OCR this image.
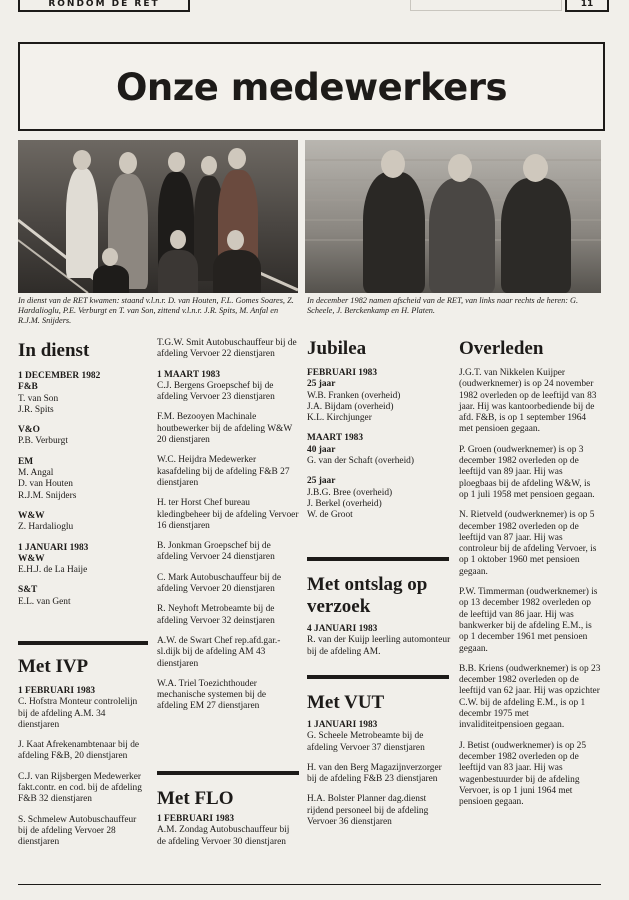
RONDOM DE RET	11
Onze medewerkers
In dienst van de RET kwamen: staand v.l.n.r. D. van Houten, F.L. Gomes Soares, Z. Hardalioglu, P.E. Verburgt en T. van Son, zittend v.l.n.r. J.R. Spits, M. Anfal en R.J.M. Snijders.
In december 1982 namen afscheid van de RET, van links naar rechts de heren: G. Scheele, J. Berckenkamp en H. Platen.
In dienst
1 DECEMBER 1982
F&B
T. van Son
J.R. Spits
V&O
P.B. Verburgt
EM
M. Angal
D. van Houten
R.J.M. Snijders
W&W
Z. Hardalioglu
1 JANUARI 1983
W&W
E.H.J. de La Haije
S&T
E.L. van Gent
Met IVP
1 FEBRUARI 1983

C. Hofstra Monteur controlelijn bij de afdeling A.M. 34 dienstjaren

J. Kaat Afrekenambtenaar bij de afdeling F&B, 20 dienstjaren

C.J. van Rijsbergen Medewerker fakt.contr. en cod. bij de afdeling F&B 32 dienstjaren

S. Schmelew Autobuschauffeur bij de afdeling Vervoer 28 dienstjaren

T.G.W. Smit Autobuschauffeur bij de afdeling Vervoer 22 dienstjaren

1 MAART 1983

C.J. Bergens Groepschef bij de afdeling Vervoer 23 dienstjaren

F.M. Bezooyen Machinale houtbewerker bij de afdeling W&W 20 dienstjaren

W.C. Heijdra Medewerker kasafdeling bij de afdeling F&B 27 dienstjaren

H. ter Horst Chef bureau kledingbeheer bij de afdeling Vervoer 16 dienstjaren

B. Jonkman Groepschef bij de afdeling Vervoer 24 dienstjaren

C. Mark Autobuschauffeur bij de afdeling Vervoer 20 dienstjaren

R. Neyhoft Metrobeamte bij de afdeling Vervoer 32 deinstjaren

A.W. de Swart Chef rep.afd.gar.-sl.dijk bij de afdeling AM 43 dienstjaren

W.A. Triel Toezichthouder mechanische systemen bij de afdeling EM 27 dienstjaren

Met FLO
1 FEBRUARI 1983

A.M. Zondag Autobuschauffeur bij de afdeling Vervoer 30 dienstjaren

Jubilea
FEBRUARI 1983
25 jaar
W.B. Franken (overheid)
J.A. Bijdam (overheid)
K.L. Kirchjunger
MAART 1983
40 jaar
G. van der Schaft (overheid)
25 jaar
J.B.G. Bree (overheid)
J. Berkel (overheid)
W. de Groot
Met ontslag op verzoek
4 JANUARI 1983

R. van der Kuijp leerling automonteur bij de afdeling AM.

Met VUT
1 JANUARI 1983

G. Scheele Metrobeamte bij de afdeling Vervoer 37 dienstjaren

H. van den Berg Magazijnverzorger bij de afdeling F&B 23 dienstjaren

H.A. Bolster Planner dag.dienst rijdend personeel bij de afdeling Vervoer 36 dienstjaren

Overleden

J.G.T. van Nikkelen Kuijper (oudwerknemer) is op 24 november 1982 overleden op de leeftijd van 83 jaar. Hij was kantoorbediende bij de afd. F&B, is op 1 september 1964 met pensioen gegaan.

P. Groen (oudwerknemer) is op 3 december 1982 overleden op de leeftijd van 89 jaar. Hij was ploegbaas bij de afdeling W&W, is op 1 juli 1958 met pensioen gegaan.

N. Rietveld (oudwerknemer) is op 5 december 1982 overleden op de leeftijd van 87 jaar. Hij was controleur bij de afdeling Vervoer, is op 1 oktober 1960 met pensioen gegaan.

P.W. Timmerman (oudwerknemer) is op 13 december 1982 overleden op de leeftijd van 86 jaar. Hij was bankwerker bij de afdeling E.M., is op 1 december 1961 met pensioen gegaan.

B.B. Kriens (oudwerknemer) is op 23 december 1982 overleden op de leeftijd van 62 jaar. Hij was opzichter C.W. bij de afdeling E.M., is op 1 decembr 1975 met invaliditeitpensioen gegaan.

J. Betist (oudwerknemer) is op 25 december 1982 overleden op de leeftijd van 83 jaar. Hij was wagenbestuurder bij de afdeling Vervoer, is op 1 juni 1964 met pensioen gegaan.
